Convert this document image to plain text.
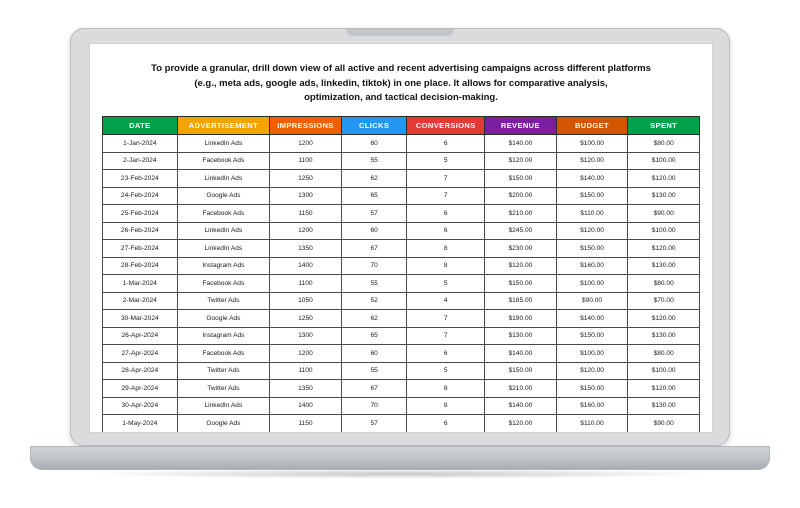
To provide a granular, drill down view of all active and recent advertising campaigns across different platforms
(e.g., meta ads, google ads, linkedin, tiktok) in one place. It allows for comparative analysis,
optimization, and tactical decision-making.
DATE	ADVERTISEMENT	IMPRESSIONS	CLICKS	CONVERSIONS	REVENUE	BUDGET	SPENT
1-Jan-2024	LinkedIn Ads	1200	60	6	$140.00	$100.00	$80.00
2-Jan-2024	Facebook Ads	1100	55	5	$120.00	$120.00	$100.00
23-Feb-2024	LinkedIn Ads	1250	62	7	$150.00	$140.00	$120.00
24-Feb-2024	Google Ads	1300	65	7	$200.00	$150.00	$130.00
25-Feb-2024	Facebook Ads	1150	57	6	$210.00	$110.00	$90.00
26-Feb-2024	LinkedIn Ads	1200	60	6	$245.00	$120.00	$100.00
27-Feb-2024	LinkedIn Ads	1350	67	8	$230.00	$150.00	$120.00
28-Feb-2024	Instagram Ads	1400	70	8	$120.00	$160.00	$130.00
1-Mar-2024	Facebook Ads	1100	55	5	$150.00	$100.00	$80.00
2-Mar-2024	Twitter Ads	1050	52	4	$185.00	$90.00	$70.00
30-Mar-2024	Google Ads	1250	62	7	$190.00	$140.00	$120.00
26-Apr-2024	Instagram Ads	1300	65	7	$130.00	$150.00	$130.00
27-Apr-2024	Facebook Ads	1200	60	6	$140.00	$100.00	$80.00
28-Apr-2024	Twitter Ads	1100	55	5	$150.00	$120.00	$100.00
29-Apr-2024	Twitter Ads	1350	67	8	$210.00	$150.00	$120.00
30-Apr-2024	LinkedIn Ads	1400	70	8	$140.00	$160.00	$130.00
1-May-2024	Google Ads	1150	57	6	$120.00	$110.00	$90.00
